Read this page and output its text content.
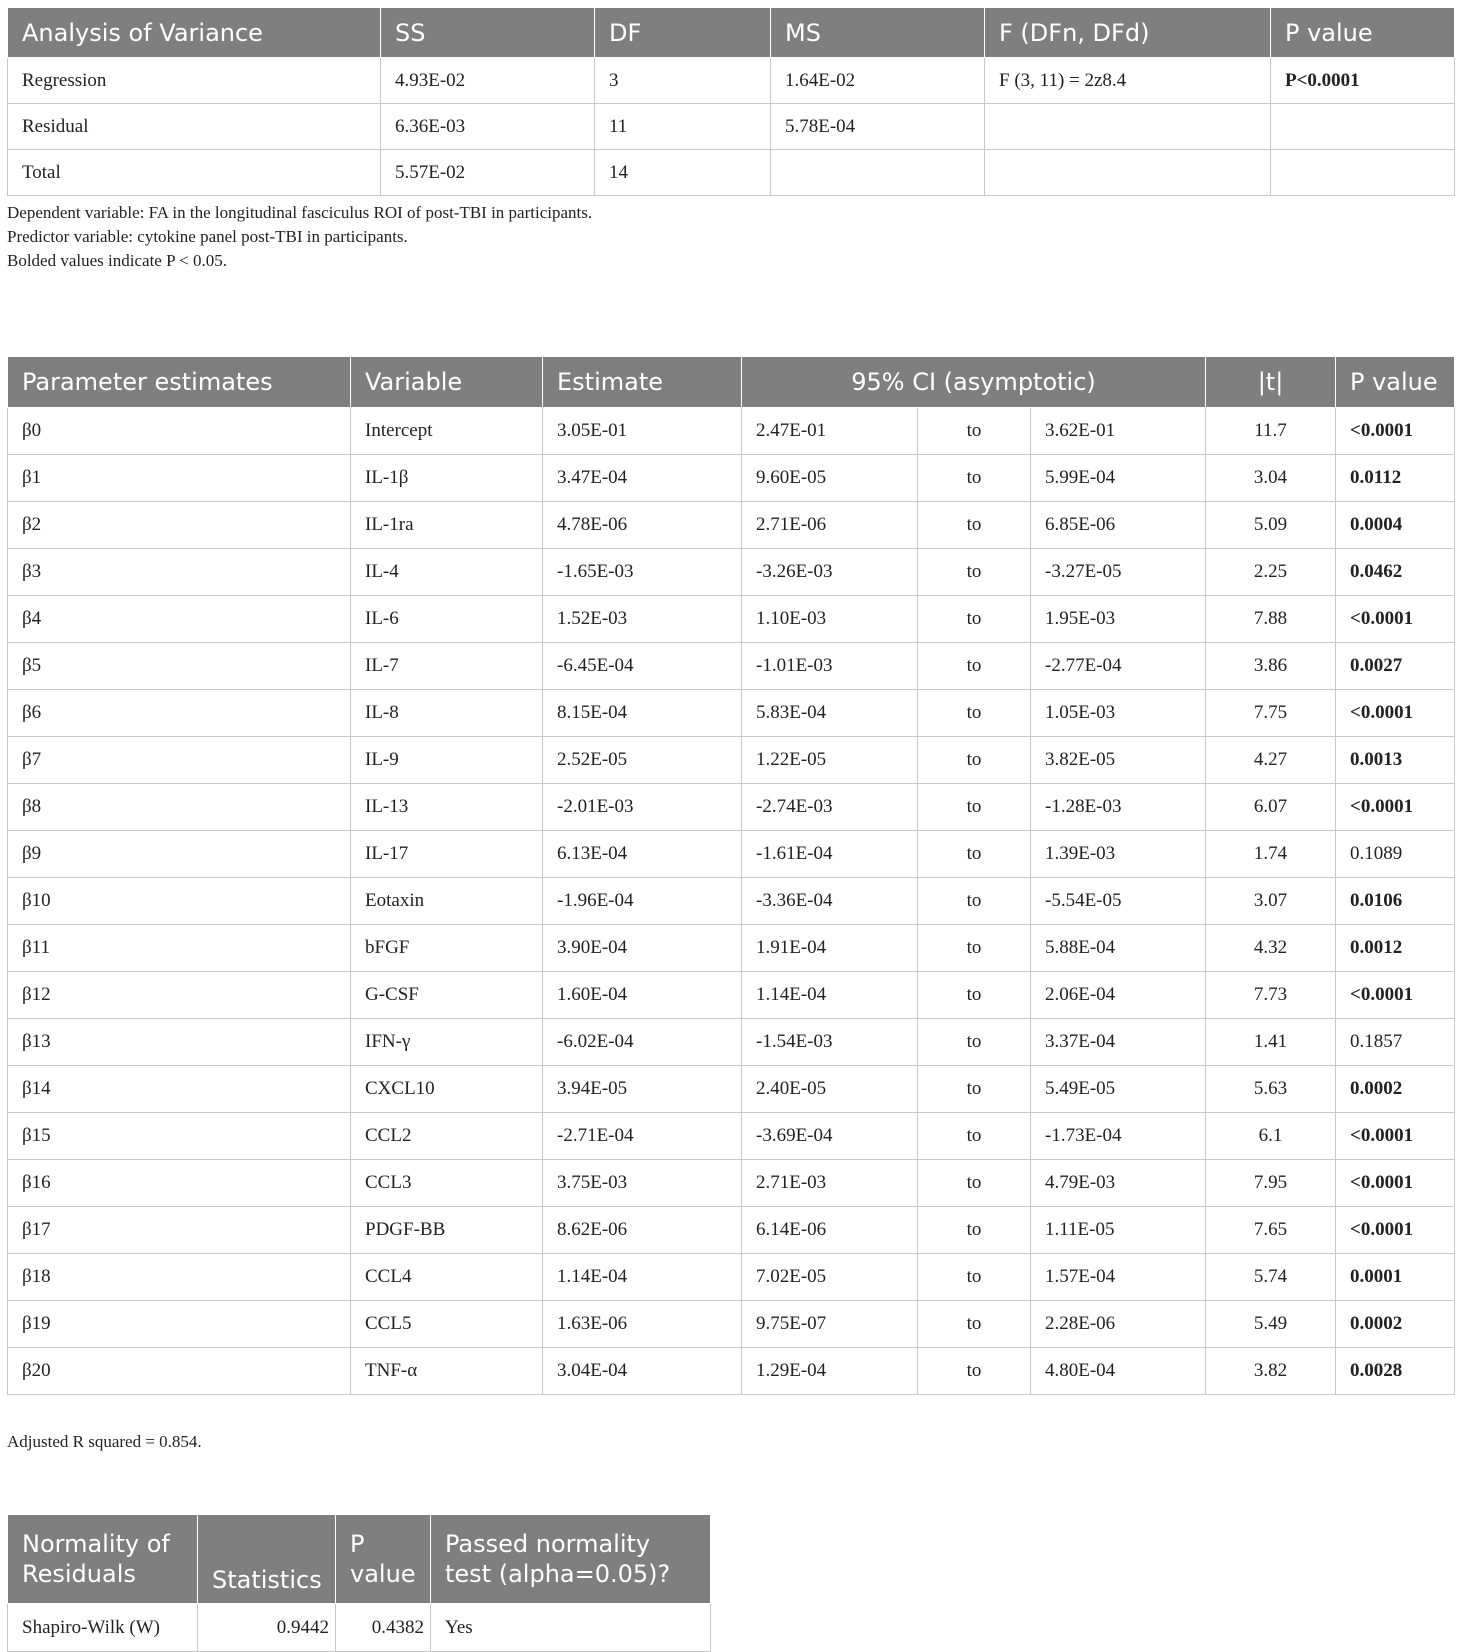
Analysis of Variance	SS	DF	MS	F (DFn, DFd)	P value
Regression	4.93E-02	3	1.64E-02	F (3, 11) = 2z8.4	P<0.0001
Residual	6.36E-03	11	5.78E-04		
Total	5.57E-02	14			

Dependent variable: FA in the longitudinal fasciculus ROI of post-TBI in participants.

Predictor variable: cytokine panel post-TBI in participants.

Bolded values indicate P < 0.05.

Parameter estimates	Variable	Estimate	95% CI (asymptotic)			|t|	P value
β0	Intercept	3.05E-01	2.47E-01	to	3.62E-01	11.7	<0.0001
β1	IL-1β	3.47E-04	9.60E-05	to	5.99E-04	3.04	0.0112
β2	IL-1ra	4.78E-06	2.71E-06	to	6.85E-06	5.09	0.0004
β3	IL-4	-1.65E-03	-3.26E-03	to	-3.27E-05	2.25	0.0462
β4	IL-6	1.52E-03	1.10E-03	to	1.95E-03	7.88	<0.0001
β5	IL-7	-6.45E-04	-1.01E-03	to	-2.77E-04	3.86	0.0027
β6	IL-8	8.15E-04	5.83E-04	to	1.05E-03	7.75	<0.0001
β7	IL-9	2.52E-05	1.22E-05	to	3.82E-05	4.27	0.0013
β8	IL-13	-2.01E-03	-2.74E-03	to	-1.28E-03	6.07	<0.0001
β9	IL-17	6.13E-04	-1.61E-04	to	1.39E-03	1.74	0.1089
β10	Eotaxin	-1.96E-04	-3.36E-04	to	-5.54E-05	3.07	0.0106
β11	bFGF	3.90E-04	1.91E-04	to	5.88E-04	4.32	0.0012
β12	G-CSF	1.60E-04	1.14E-04	to	2.06E-04	7.73	<0.0001
β13	IFN-γ	-6.02E-04	-1.54E-03	to	3.37E-04	1.41	0.1857
β14	CXCL10	3.94E-05	2.40E-05	to	5.49E-05	5.63	0.0002
β15	CCL2	-2.71E-04	-3.69E-04	to	-1.73E-04	6.1	<0.0001
β16	CCL3	3.75E-03	2.71E-03	to	4.79E-03	7.95	<0.0001
β17	PDGF-BB	8.62E-06	6.14E-06	to	1.11E-05	7.65	<0.0001
β18	CCL4	1.14E-04	7.02E-05	to	1.57E-04	5.74	0.0001
β19	CCL5	1.63E-06	9.75E-07	to	2.28E-06	5.49	0.0002
β20	TNF-α	3.04E-04	1.29E-04	to	4.80E-04	3.82	0.0028

Adjusted R squared = 0.854.

Normality of Residuals	Statistics	P value	Passed normality test (alpha=0.05)?
Shapiro-Wilk (W)	0.9442	0.4382	Yes
